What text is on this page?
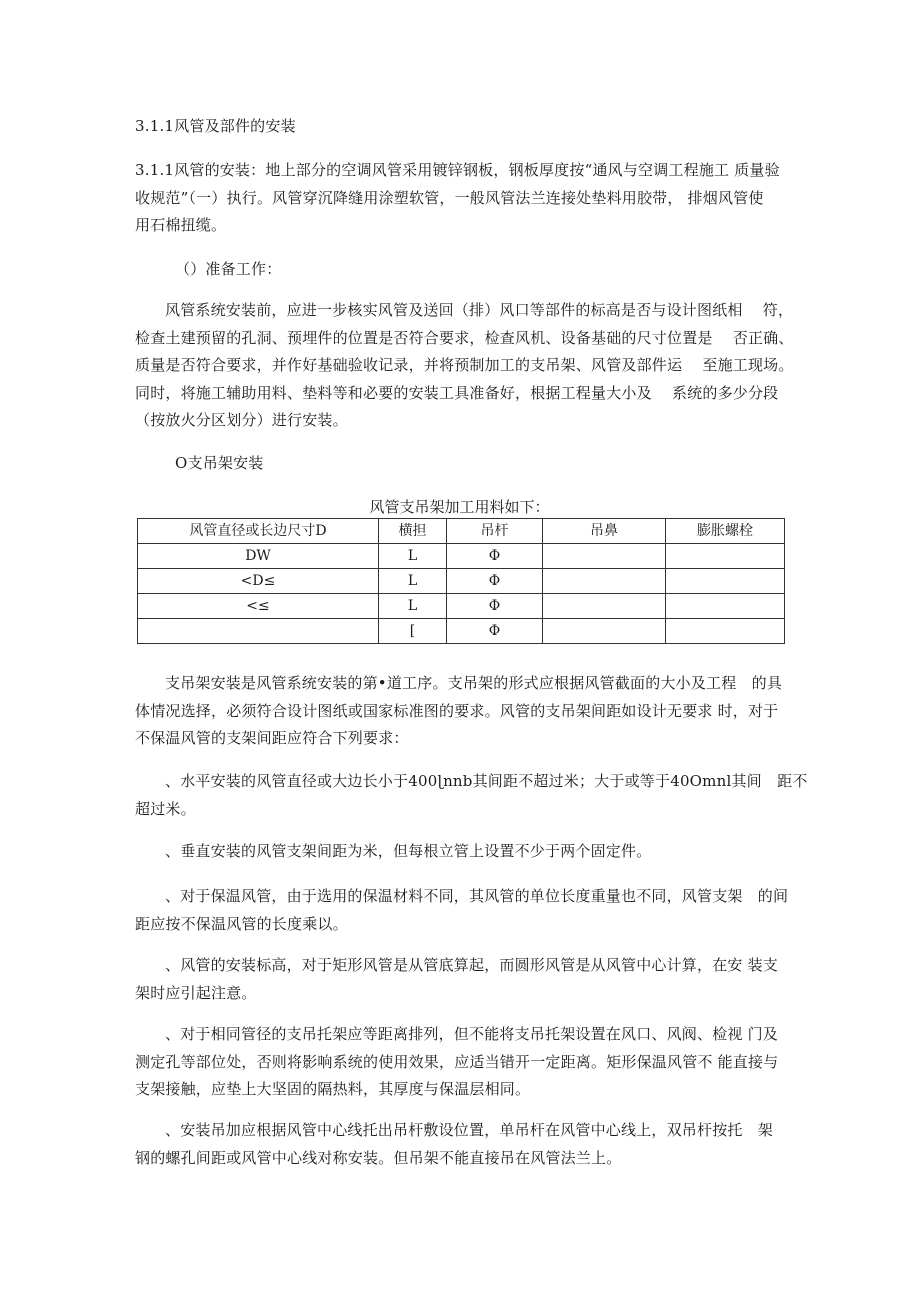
3.1.1风管及部件的安装

3.1.1风管的安装：地上部分的空调风管采用镀锌钢板，钢板厚度按“通风与空调工程施工 质量验
收规范”（一）执行。风管穿沉降缝用涂塑软管，一般风管法兰连接处垫料用胶带， 排烟风管使
用石棉扭缆。

（）准备工作：

风管系统安装前，应进一步核实风管及送回（排）风口等部件的标高是否与设计图纸相　 符，
检查土建预留的孔洞、预埋件的位置是否符合要求，检查风机、设备基础的尺寸位置是　 否正确、
质量是否符合要求，并作好基础验收记录，并将预制加工的支吊架、风管及部件运　 至施工现场。
同时，将施工辅助用料、垫料等和必要的安装工具准备好，根据工程量大小及　 系统的多少分段
（按放火分区划分）进行安装。

O支吊架安装

风管支吊架加工用料如下：
风管直径或长边尺寸D	横担	吊杆	吊鼻	膨胀螺栓
DW	L	Φ		
<D≤	L	Φ		
<≤	L	Φ		
	[	Φ		

支吊架安装是风管系统安装的第•道工序。支吊架的形式应根据风管截面的大小及工程　的具
体情况选择，必须符合设计图纸或国家标准图的要求。风管的支吊架间距如设计无要求 时，对于
不保温风管的支架间距应符合下列要求：

、水平安装的风管直径或大边长小于400ɭnnb其间距不超过米；大于或等于40Omnl其间　距不
超过米。

、垂直安装的风管支架间距为米，但每根立管上设置不少于两个固定件。

、对于保温风管，由于选用的保温材料不同，其风管的单位长度重量也不同，风管支架　的间
距应按不保温风管的长度乘以。

、风管的安装标高，对于矩形风管是从管底算起，而圆形风管是从风管中心计算，在安 装支
架时应引起注意。

、对于相同管径的支吊托架应等距离排列，但不能将支吊托架设置在风口、风阀、检视 门及
测定孔等部位处，否则将影响系统的使用效果，应适当错开一定距离。矩形保温风管不 能直接与
支架接触，应垫上大坚固的隔热料，其厚度与保温层相同。

、安装吊加应根据风管中心线托出吊杆敷设位置，单吊杆在风管中心线上，双吊杆按托　架
钢的螺孔间距或风管中心线对称安装。但吊架不能直接吊在风管法兰上。
